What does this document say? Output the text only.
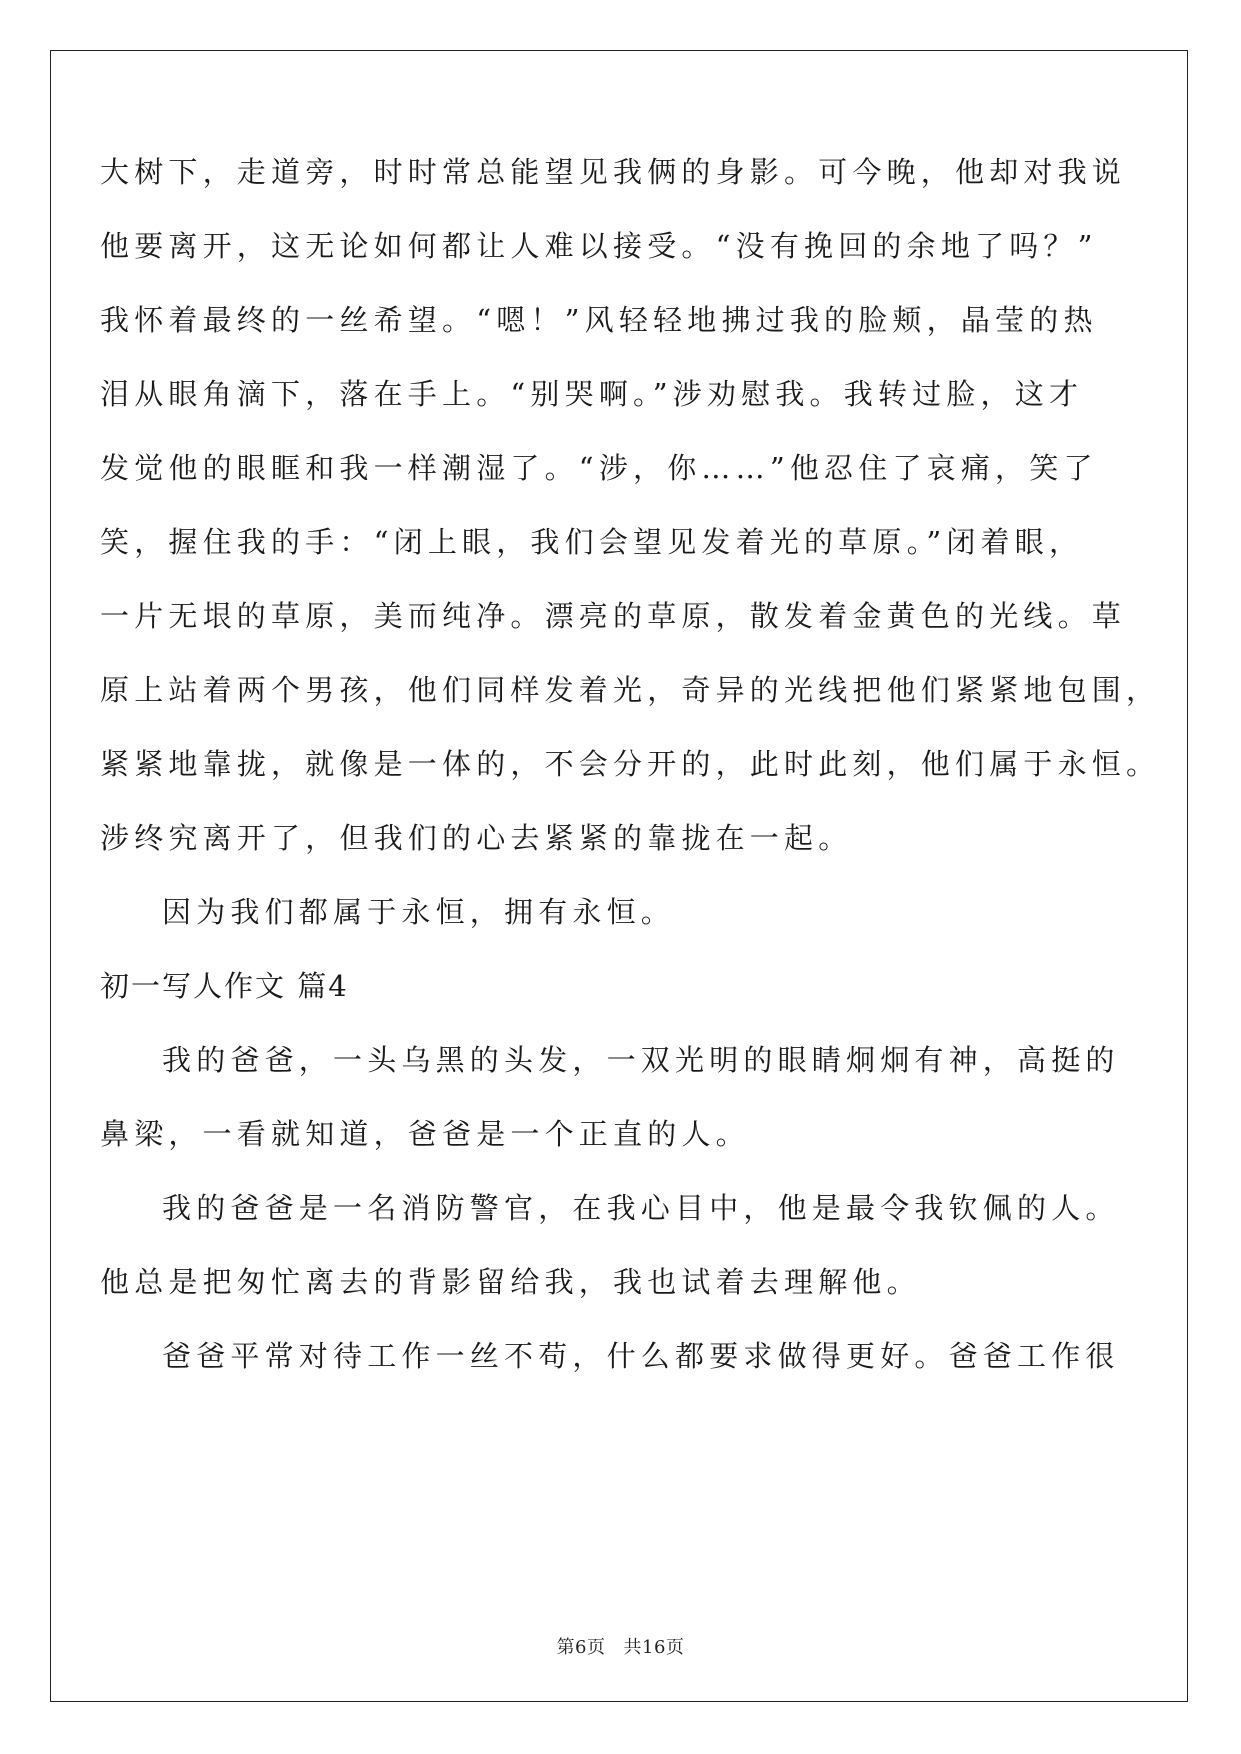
大树下，走道旁，时时常总能望见我俩的身影。可今晚，他却对我说
他要离开，这无论如何都让人难以接受。“没有挽回的余地了吗？”
我怀着最终的一丝希望。“嗯！”风轻轻地拂过我的脸颊，晶莹的热
泪从眼角滴下，落在手上。“别哭啊。”涉劝慰我。我转过脸，这才
发觉他的眼眶和我一样潮湿了。“涉，你……”他忍住了哀痛，笑了
笑，握住我的手：“闭上眼，我们会望见发着光的草原。”闭着眼，
一片无垠的草原，美而纯净。漂亮的草原，散发着金黄色的光线。草
原上站着两个男孩，他们同样发着光，奇异的光线把他们紧紧地包围，
紧紧地靠拢，就像是一体的，不会分开的，此时此刻，他们属于永恒。
涉终究离开了，但我们的心去紧紧的靠拢在一起。
因为我们都属于永恒，拥有永恒。
初一写人作文 篇4
我的爸爸，一头乌黑的头发，一双光明的眼睛炯炯有神，高挺的
鼻梁，一看就知道，爸爸是一个正直的人。
我的爸爸是一名消防警官，在我心目中，他是最令我钦佩的人。
他总是把匆忙离去的背影留给我，我也试着去理解他。
爸爸平常对待工作一丝不苟，什么都要求做得更好。爸爸工作很
第6页 共16页
